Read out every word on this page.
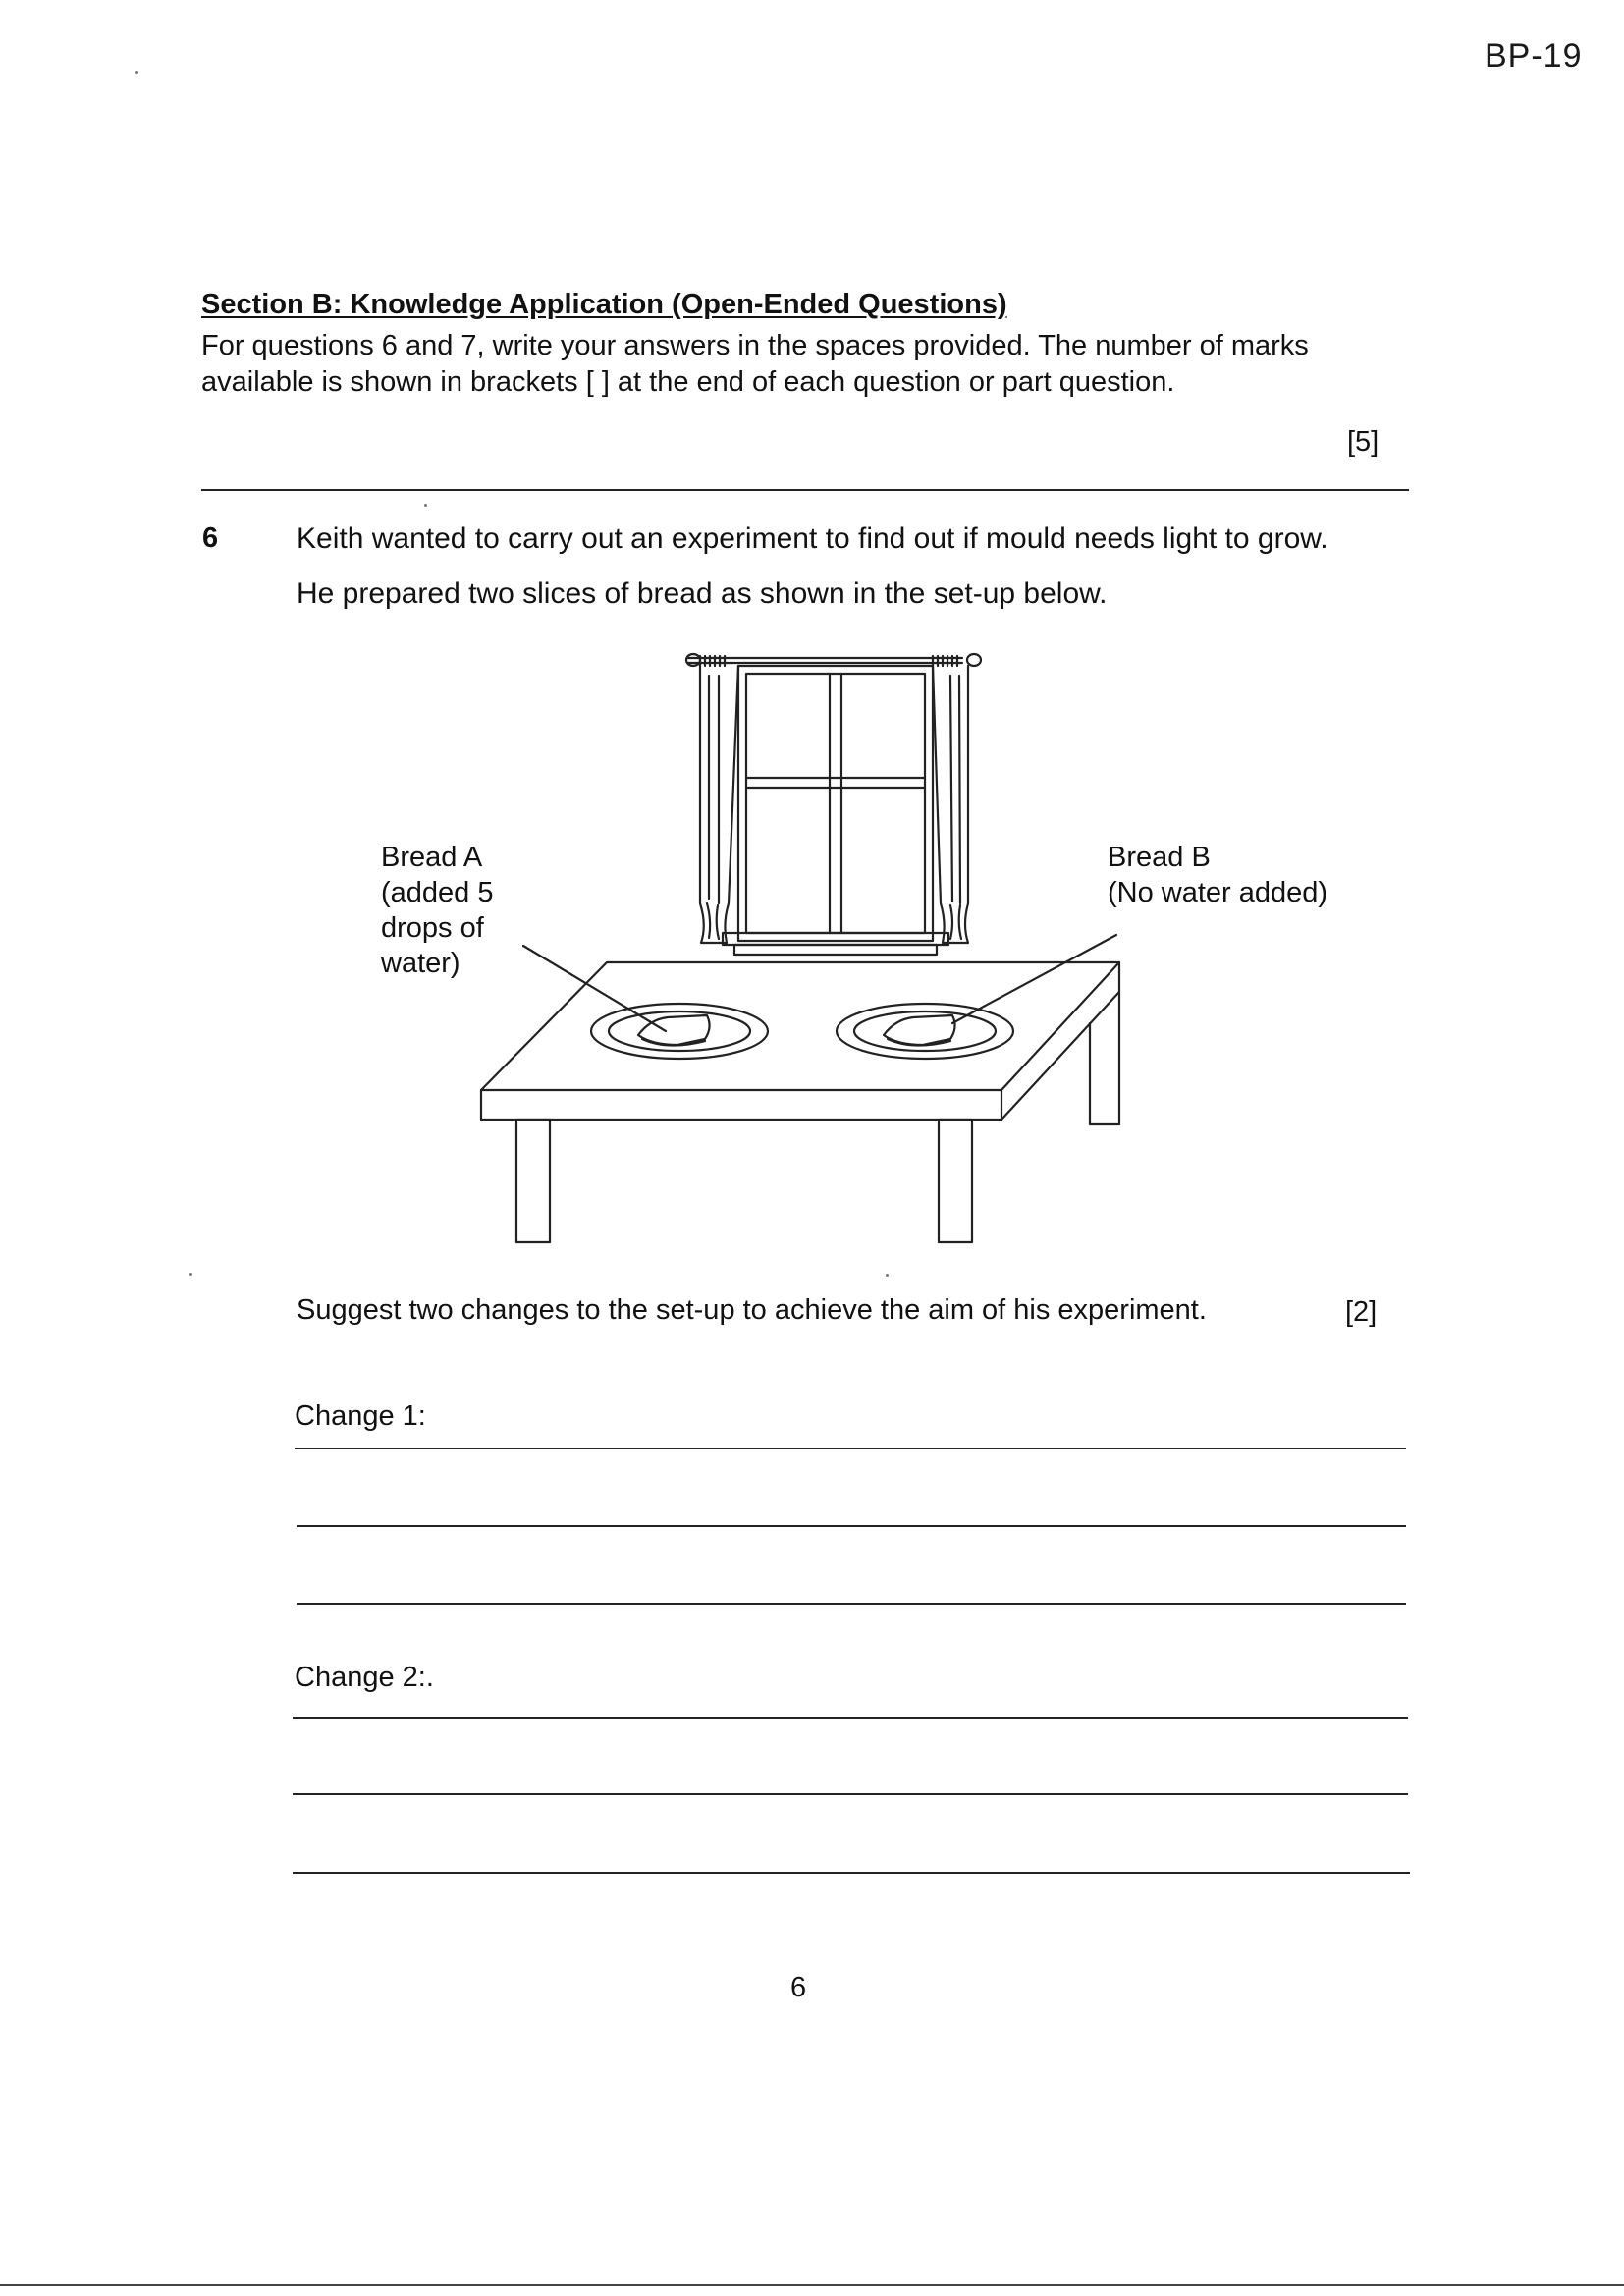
BP-19
Section B: Knowledge Application (Open-Ended Questions)
For questions 6 and 7, write your answers in the spaces provided. The number of marks available is shown in brackets [ ] at the end of each question or part question.
[5]
6	Keith wanted to carry out an experiment to find out if mould needs light to grow.
He prepared two slices of bread as shown in the set-up below.
Bread A
(added 5
drops of
water)
Bread B
(No water added)
Suggest two changes to the set-up to achieve the aim of his experiment.	[2]
Change 1:
Change 2:.
6
